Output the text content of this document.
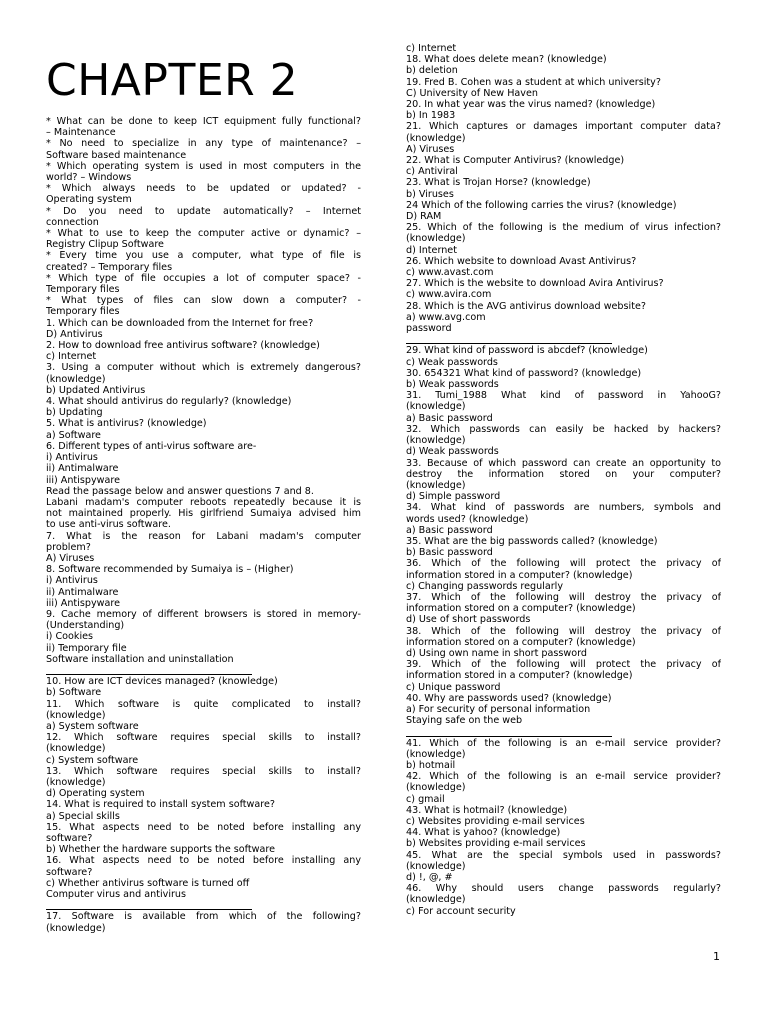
CHAPTER 2
* What can be done to keep ICT equipment fully functional?
– Maintenance
* No need to specialize in any type of maintenance? –
Software based maintenance
* Which operating system is used in most computers in the
world? – Windows
* Which always needs to be updated or updated? -
Operating system
* Do you need to update automatically? – Internet
connection
* What to use to keep the computer active or dynamic? –
Registry Clipup Software
* Every time you use a computer, what type of file is
created? – Temporary files
* Which type of file occupies a lot of computer space? -
Temporary files
* What types of files can slow down a computer? -
Temporary files
1. Which can be downloaded from the Internet for free?
D) Antivirus
2. How to download free antivirus software? (knowledge)
c) Internet
3. Using a computer without which is extremely dangerous?
(knowledge)
b) Updated Antivirus
4. What should antivirus do regularly? (knowledge)
b) Updating
5. What is antivirus? (knowledge)
a) Software
6. Different types of anti-virus software are-
i) Antivirus
ii) Antimalware
iii) Antispyware
Read the passage below and answer questions 7 and 8.
Labani madam's computer reboots repeatedly because it is
not maintained properly. His girlfriend Sumaiya advised him
to use anti-virus software.
7. What is the reason for Labani madam's computer
problem?
A) Viruses
8. Software recommended by Sumaiya is – (Higher)
i) Antivirus
ii) Antimalware
iii) Antispyware
9. Cache memory of different browsers is stored in memory-
(Understanding)
i) Cookies
ii) Temporary file
Software installation and uninstallation
10. How are ICT devices managed? (knowledge)
b) Software
11. Which software is quite complicated to install?
(knowledge)
a) System software
12. Which software requires special skills to install?
(knowledge)
c) System software
13. Which software requires special skills to install?
(knowledge)
d) Operating system
14. What is required to install system software?
a) Special skills
15. What aspects need to be noted before installing any
software?
b) Whether the hardware supports the software
16. What aspects need to be noted before installing any
software?
c) Whether antivirus software is turned off
Computer virus and antivirus
17. Software is available from which of the following?
(knowledge)
c) Internet
18. What does delete mean? (knowledge)
b) deletion
19. Fred B. Cohen was a student at which university?
C) University of New Haven
20. In what year was the virus named? (knowledge)
b) In 1983
21. Which captures or damages important computer data?
(knowledge)
A) Viruses
22. What is Computer Antivirus? (knowledge)
c) Antiviral
23. What is Trojan Horse? (knowledge)
b) Viruses
24 Which of the following carries the virus? (knowledge)
D) RAM
25. Which of the following is the medium of virus infection?
(knowledge)
d) Internet
26. Which website to download Avast Antivirus?
c) www.avast.com
27. Which is the website to download Avira Antivirus?
c) www.avira.com
28. Which is the AVG antivirus download website?
a) www.avg.com
password
29. What kind of password is abcdef? (knowledge)
c) Weak passwords
30. 654321 What kind of password? (knowledge)
b) Weak passwords
31. Tumi_1988 What kind of password in YahooG?
(knowledge)
a) Basic password
32. Which passwords can easily be hacked by hackers?
(knowledge)
d) Weak passwords
33. Because of which password can create an opportunity to
destroy the information stored on your computer?
(knowledge)
d) Simple password
34. What kind of passwords are numbers, symbols and
words used? (knowledge)
a) Basic password
35. What are the big passwords called? (knowledge)
b) Basic password
36. Which of the following will protect the privacy of
information stored in a computer? (knowledge)
c) Changing passwords regularly
37. Which of the following will destroy the privacy of
information stored on a computer? (knowledge)
d) Use of short passwords
38. Which of the following will destroy the privacy of
information stored on a computer? (knowledge)
d) Using own name in short password
39. Which of the following will protect the privacy of
information stored in a computer? (knowledge)
c) Unique password
40. Why are passwords used? (knowledge)
a) For security of personal information
Staying safe on the web
41. Which of the following is an e-mail service provider?
(knowledge)
b) hotmail
42. Which of the following is an e-mail service provider?
(knowledge)
c) gmail
43. What is hotmail? (knowledge)
c) Websites providing e-mail services
44. What is yahoo? (knowledge)
b) Websites providing e-mail services
45. What are the special symbols used in passwords?
(knowledge)
d) !, @, #
46. Why should users change passwords regularly?
(knowledge)
c) For account security
1
